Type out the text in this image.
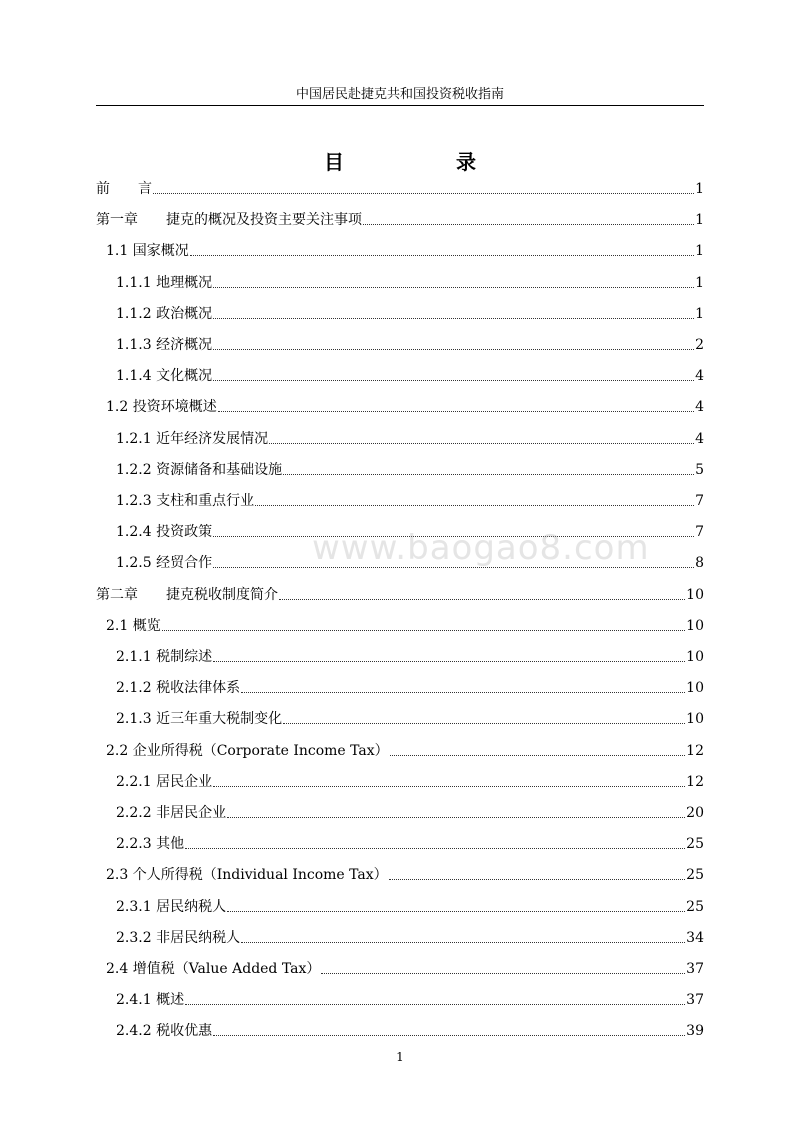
中国居民赴捷克共和国投资税收指南
目　录
前　　言	1
第一章　　捷克的概况及投资主要关注事项	1
1.1 国家概况	1
1.1.1 地理概况	1
1.1.2 政治概况	1
1.1.3 经济概况	2
1.1.4 文化概况	4
1.2 投资环境概述	4
1.2.1 近年经济发展情况	4
1.2.2 资源储备和基础设施	5
1.2.3 支柱和重点行业	7
1.2.4 投资政策	7
1.2.5 经贸合作	8
第二章　　捷克税收制度简介	10
2.1 概览	10
2.1.1 税制综述	10
2.1.2 税收法律体系	10
2.1.3 近三年重大税制变化	10
2.2 企业所得税（Corporate Income Tax）	12
2.2.1 居民企业	12
2.2.2 非居民企业	20
2.2.3 其他	25
2.3 个人所得税（Individual Income Tax）	25
2.3.1 居民纳税人	25
2.3.2 非居民纳税人	34
2.4 增值税（Value Added Tax）	37
2.4.1 概述	37
2.4.2 税收优惠	39
www.baogao8.com
1
